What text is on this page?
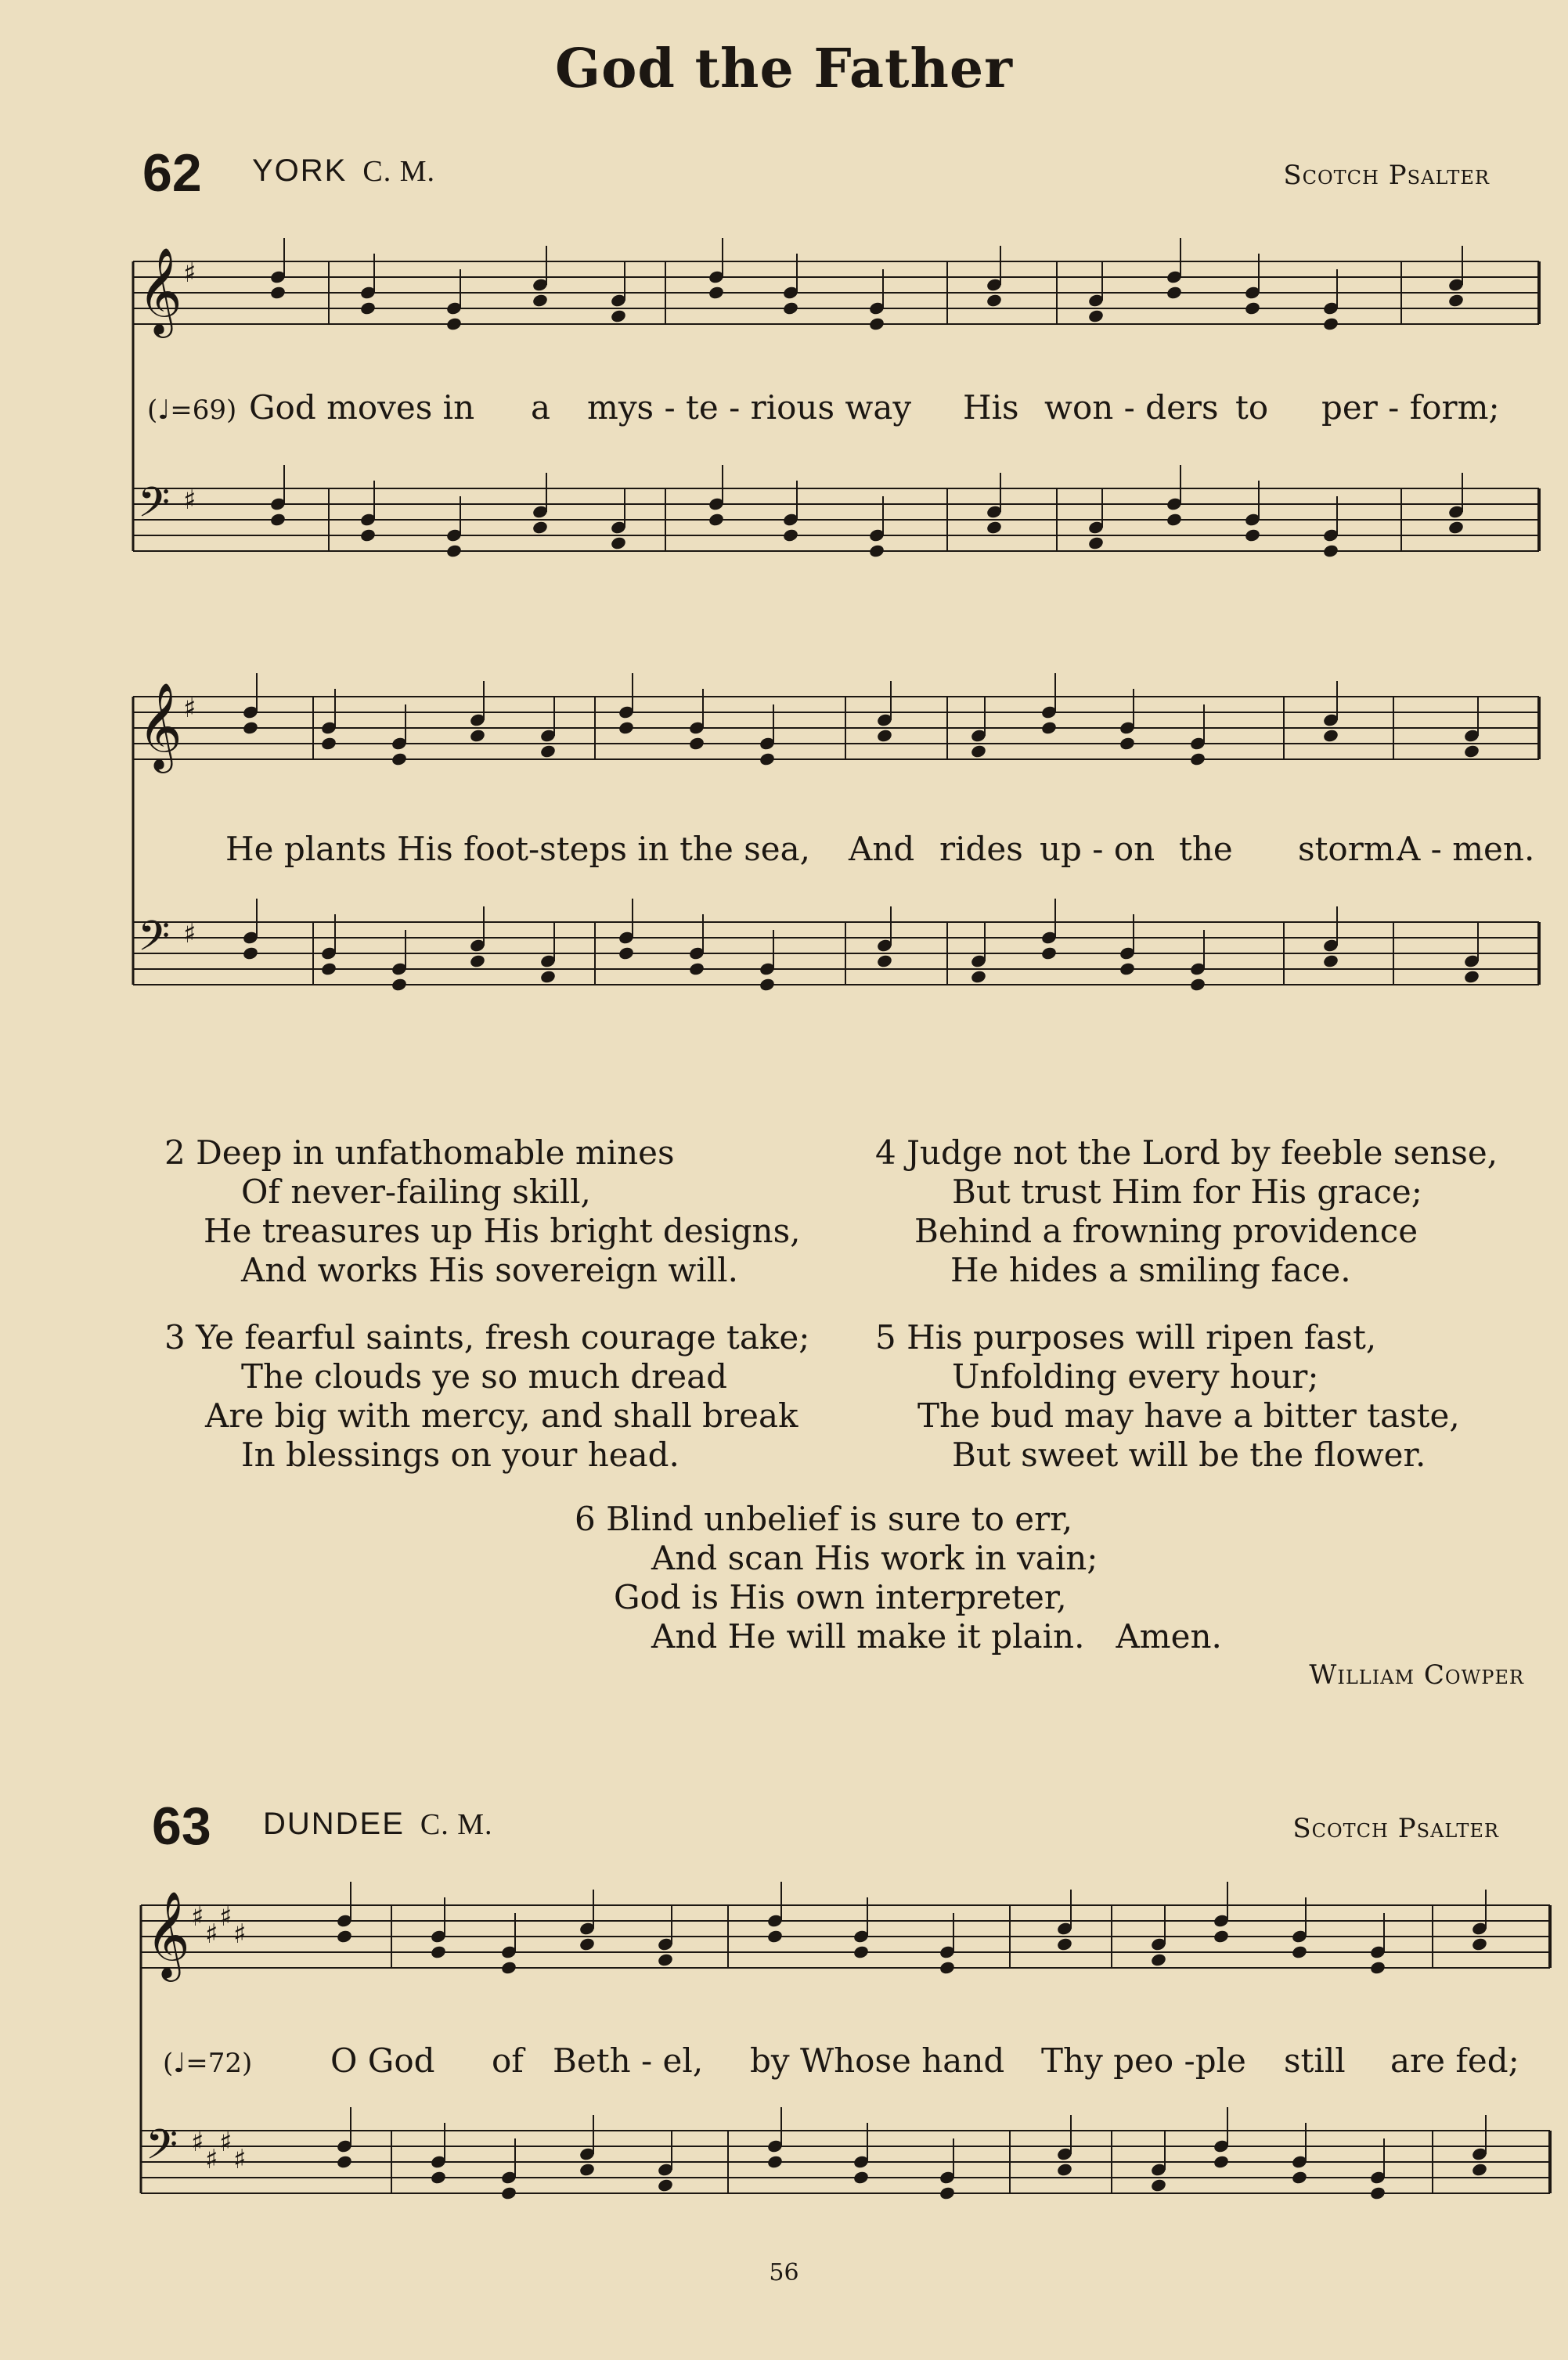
God the Father
62 YORK C. M.	Scotch Psalter
𝄞 ♯
𝄢 ♯
(♩=69) God moves in a mys - te - rious way His won - ders to per - form;
𝄞 ♯
𝄢 ♯
He plants His foot-steps in the sea, And rides up - on the storm.
A - men.
2 Deep in unfathomable mines
Of never-failing skill,
He treasures up His bright designs,
And works His sovereign will.
3 Ye fearful saints, fresh courage take;
The clouds ye so much dread
Are big with mercy, and shall break
In blessings on your head.
4 Judge not the Lord by feeble sense,
But trust Him for His grace;
Behind a frowning providence
He hides a smiling face.
5 His purposes will ripen fast,
Unfolding every hour;
The bud may have a bitter taste,
But sweet will be the flower.
6 Blind unbelief is sure to err,
And scan His work in vain;
God is His own interpreter,
And He will make it plain.   Amen.
William Cowper
63 DUNDEE C. M.	Scotch Psalter
𝄞 ♯
♯
♯
♯
𝄢 ♯
♯
♯
♯
(♩=72) O God of Beth - el, by Whose hand Thy peo -ple still are fed;
56
